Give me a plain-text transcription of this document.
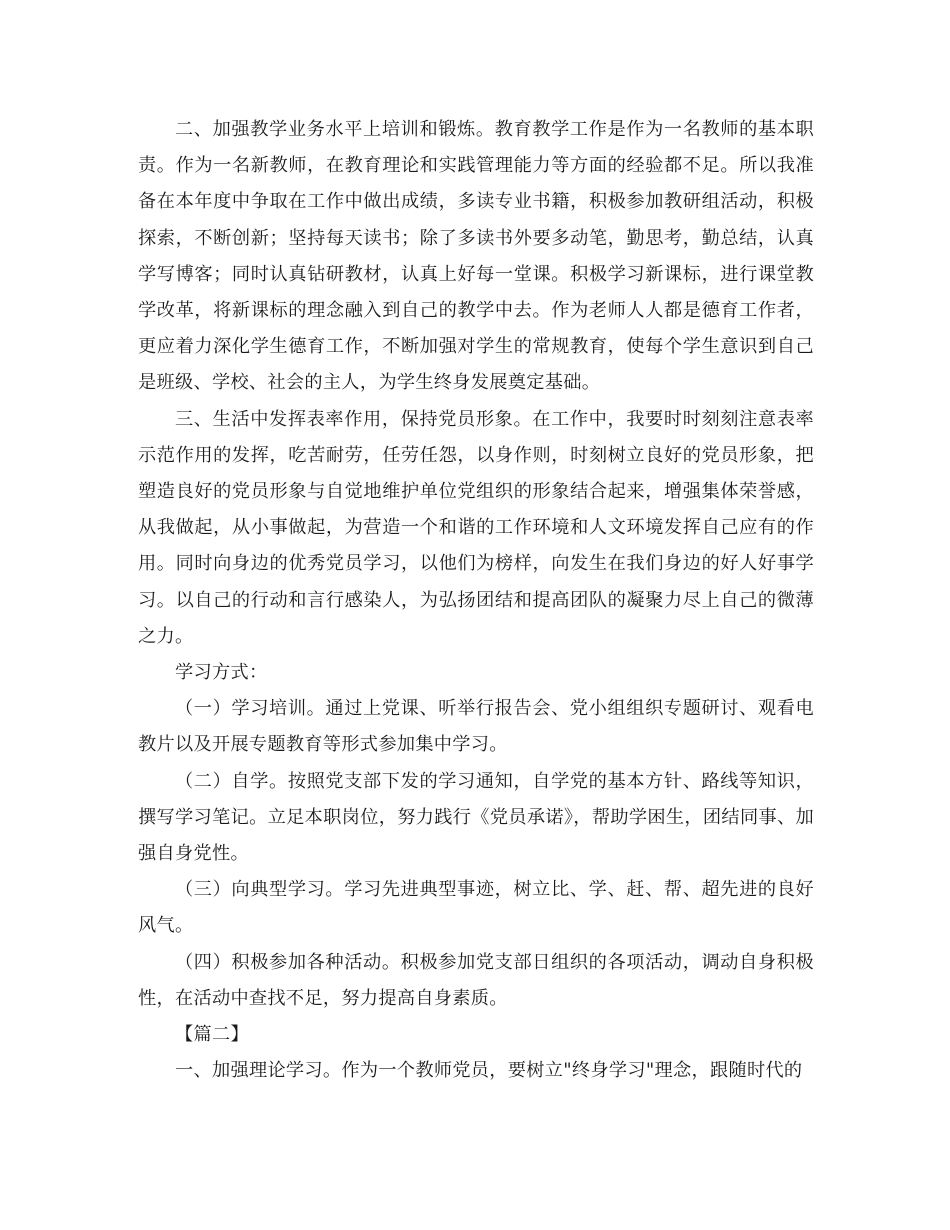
二、加强教学业务水平上培训和锻炼。教育教学工作是作为一名教师的基本职责。作为一名新教师，在教育理论和实践管理能力等方面的经验都不足。所以我准备在本年度中争取在工作中做出成绩，多读专业书籍，积极参加教研组活动，积极探索，不断创新；坚持每天读书；除了多读书外要多动笔，勤思考，勤总结，认真学写博客；同时认真钻研教材，认真上好每一堂课。积极学习新课标，进行课堂教学改革，将新课标的理念融入到自己的教学中去。作为老师人人都是德育工作者，更应着力深化学生德育工作，不断加强对学生的常规教育，使每个学生意识到自己是班级、学校、社会的主人，为学生终身发展奠定基础。

三、生活中发挥表率作用，保持党员形象。在工作中，我要时时刻刻注意表率示范作用的发挥，吃苦耐劳，任劳任怨，以身作则，时刻树立良好的党员形象，把塑造良好的党员形象与自觉地维护单位党组织的形象结合起来，增强集体荣誉感，从我做起，从小事做起，为营造一个和谐的工作环境和人文环境发挥自己应有的作用。同时向身边的优秀党员学习，以他们为榜样，向发生在我们身边的好人好事学习。以自己的行动和言行感染人，为弘扬团结和提高团队的凝聚力尽上自己的微薄之力。

学习方式：

（一）学习培训。通过上党课、听举行报告会、党小组组织专题研讨、观看电教片以及开展专题教育等形式参加集中学习。

（二）自学。按照党支部下发的学习通知，自学党的基本方针、路线等知识，撰写学习笔记。立足本职岗位，努力践行《党员承诺》，帮助学困生，团结同事、加强自身党性。

（三）向典型学习。学习先进典型事迹，树立比、学、赶、帮、超先进的良好风气。

（四）积极参加各种活动。积极参加党支部日组织的各项活动，调动自身积极性，在活动中查找不足，努力提高自身素质。

【篇二】

一、加强理论学习。作为一个教师党员，要树立"终身学习"理念，跟随时代的
